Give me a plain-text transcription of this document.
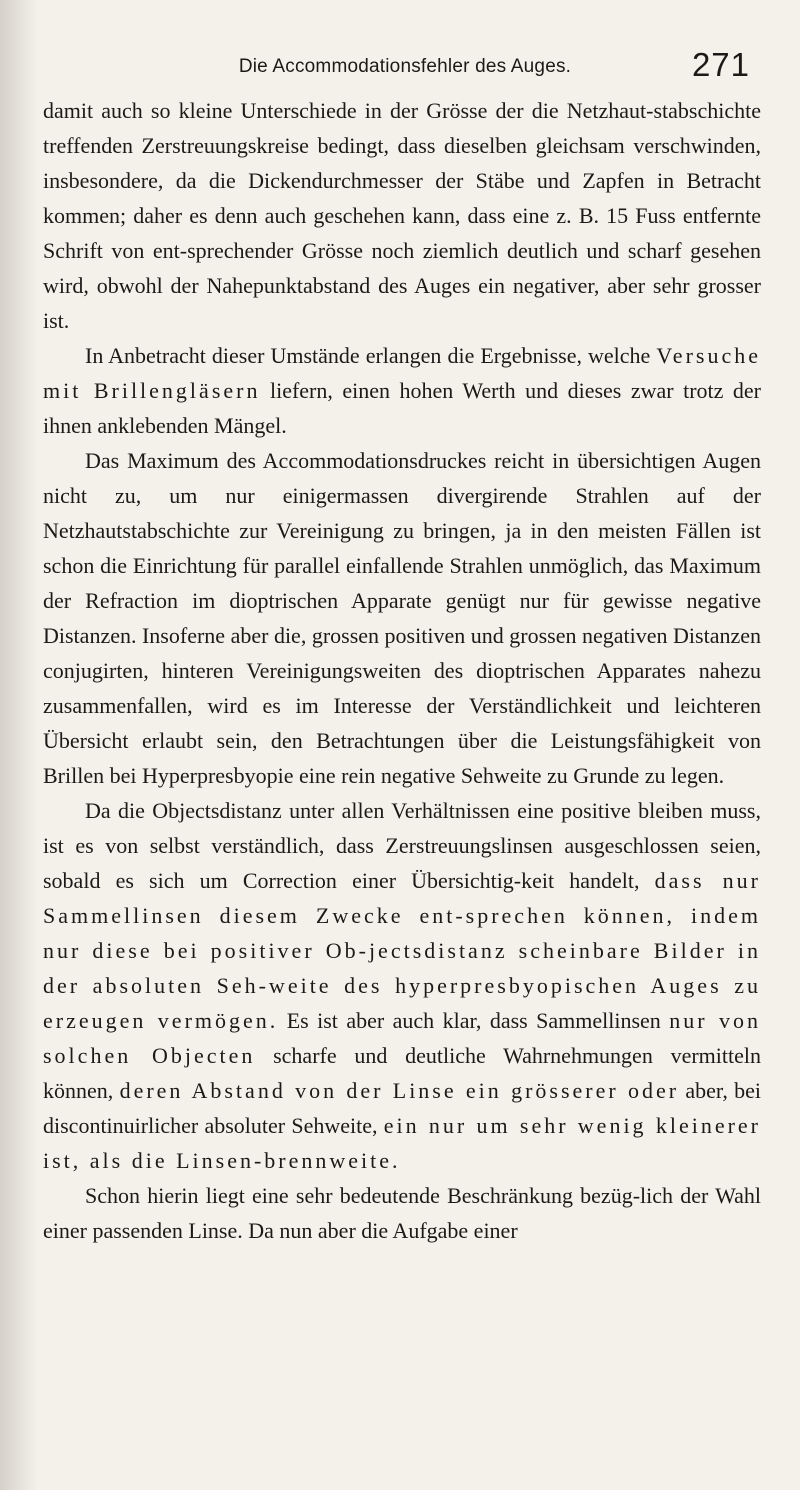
Die Accommodationsfehler des Auges.	271

damit auch so kleine Unterschiede in der Grösse der die Netzhaut-stabschichte treffenden Zerstreuungskreise bedingt, dass dieselben gleichsam verschwinden, insbesondere, da die Dickendurchmesser der Stäbe und Zapfen in Betracht kommen; daher es denn auch geschehen kann, dass eine z. B. 15 Fuss entfernte Schrift von ent-sprechender Grösse noch ziemlich deutlich und scharf gesehen wird, obwohl der Nahepunktabstand des Auges ein negativer, aber sehr grosser ist.

In Anbetracht dieser Umstände erlangen die Ergebnisse, welche Versuche mit Brillengläsern liefern, einen hohen Werth und dieses zwar trotz der ihnen anklebenden Mängel.

Das Maximum des Accommodationsdruckes reicht in übersichtigen Augen nicht zu, um nur einigermassen divergirende Strahlen auf der Netzhautstabschichte zur Vereinigung zu bringen, ja in den meisten Fällen ist schon die Einrichtung für parallel einfallende Strahlen unmöglich, das Maximum der Refraction im dioptrischen Apparate genügt nur für gewisse negative Distanzen. Insoferne aber die, grossen positiven und grossen negativen Distanzen conjugirten, hinteren Vereinigungsweiten des dioptrischen Apparates nahezu zusammenfallen, wird es im Interesse der Verständlichkeit und leichteren Übersicht erlaubt sein, den Betrachtungen über die Leistungsfähigkeit von Brillen bei Hyperpresbyopie eine rein negative Sehweite zu Grunde zu legen.

Da die Objectsdistanz unter allen Verhältnissen eine positive bleiben muss, ist es von selbst verständlich, dass Zerstreuungslinsen ausgeschlossen seien, sobald es sich um Correction einer Übersichtig-keit handelt, dass nur Sammellinsen diesem Zwecke ent-sprechen können, indem nur diese bei positiver Ob-jectsdistanz scheinbare Bilder in der absoluten Seh-weite des hyperpresbyopischen Auges zu erzeugen vermögen. Es ist aber auch klar, dass Sammellinsen nur von solchen Objecten scharfe und deutliche Wahrnehmungen vermitteln können, deren Abstand von der Linse ein grösserer oder aber, bei discontinuirlicher absoluter Sehweite, ein nur um sehr wenig kleinerer ist, als die Linsen-brennweite.

Schon hierin liegt eine sehr bedeutende Beschränkung bezüg-lich der Wahl einer passenden Linse. Da nun aber die Aufgabe einer
